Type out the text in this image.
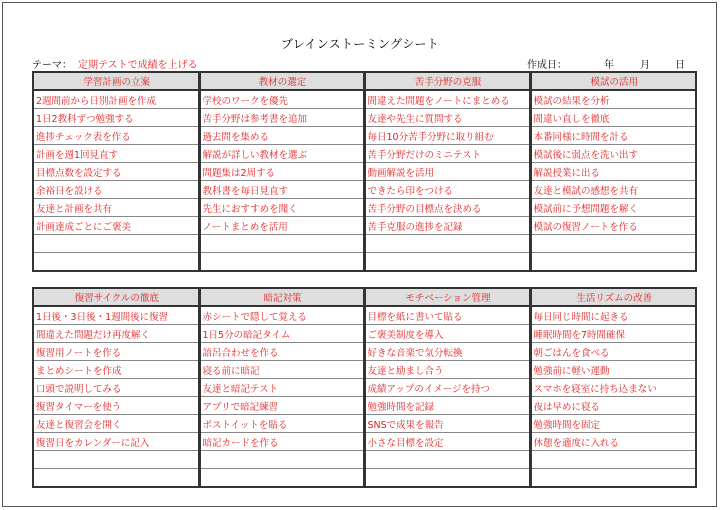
ブレインストーミングシート
テーマ： 定期テストで成績を上げる	作成日：	年	月	日
学習計画の立案	教材の選定	苦手分野の克服	模試の活用
2週間前から日別計画を作成	学校のワークを優先	間違えた問題をノートにまとめる	模試の結果を分析
1日2教科ずつ勉強する	苦手分野は参考書を追加	友達や先生に質問する	間違い直しを徹底
進捗チェック表を作る	過去問を集める	毎日10分苦手分野に取り組む	本番同様に時間を計る
計画を週1回見直す	解説が詳しい教材を選ぶ	苦手分野だけのミニテスト	模試後に弱点を洗い出す
目標点数を設定する	問題集は2周する	動画解説を活用	解説授業に出る
余裕日を設ける	教科書を毎日見直す	できたら印をつける	友達と模試の感想を共有
友達と計画を共有	先生におすすめを聞く	苦手分野の目標点を決める	模試前に予想問題を解く
計画達成ごとにご褒美	ノートまとめを活用	苦手克服の進捗を記録	模試の復習ノートを作る

復習サイクルの徹底	暗記対策	モチベーション管理	生活リズムの改善
1日後・3日後・1週間後に復習	赤シートで隠して覚える	目標を紙に書いて貼る	毎日同じ時間に起きる
間違えた問題だけ再度解く	1日5分の暗記タイム	ご褒美制度を導入	睡眠時間を7時間確保
復習用ノートを作る	語呂合わせを作る	好きな音楽で気分転換	朝ごはんを食べる
まとめシートを作成	寝る前に暗記	友達と励まし合う	勉強前に軽い運動
口頭で説明してみる	友達と暗記テスト	成績アップのイメージを持つ	スマホを寝室に持ち込まない
復習タイマーを使う	アプリで暗記練習	勉強時間を記録	夜は早めに寝る
友達と復習会を開く	ポストイットを貼る	SNSで成果を報告	勉強時間を固定
復習日をカレンダーに記入	暗記カードを作る	小さな目標を設定	休憩を適度に入れる
